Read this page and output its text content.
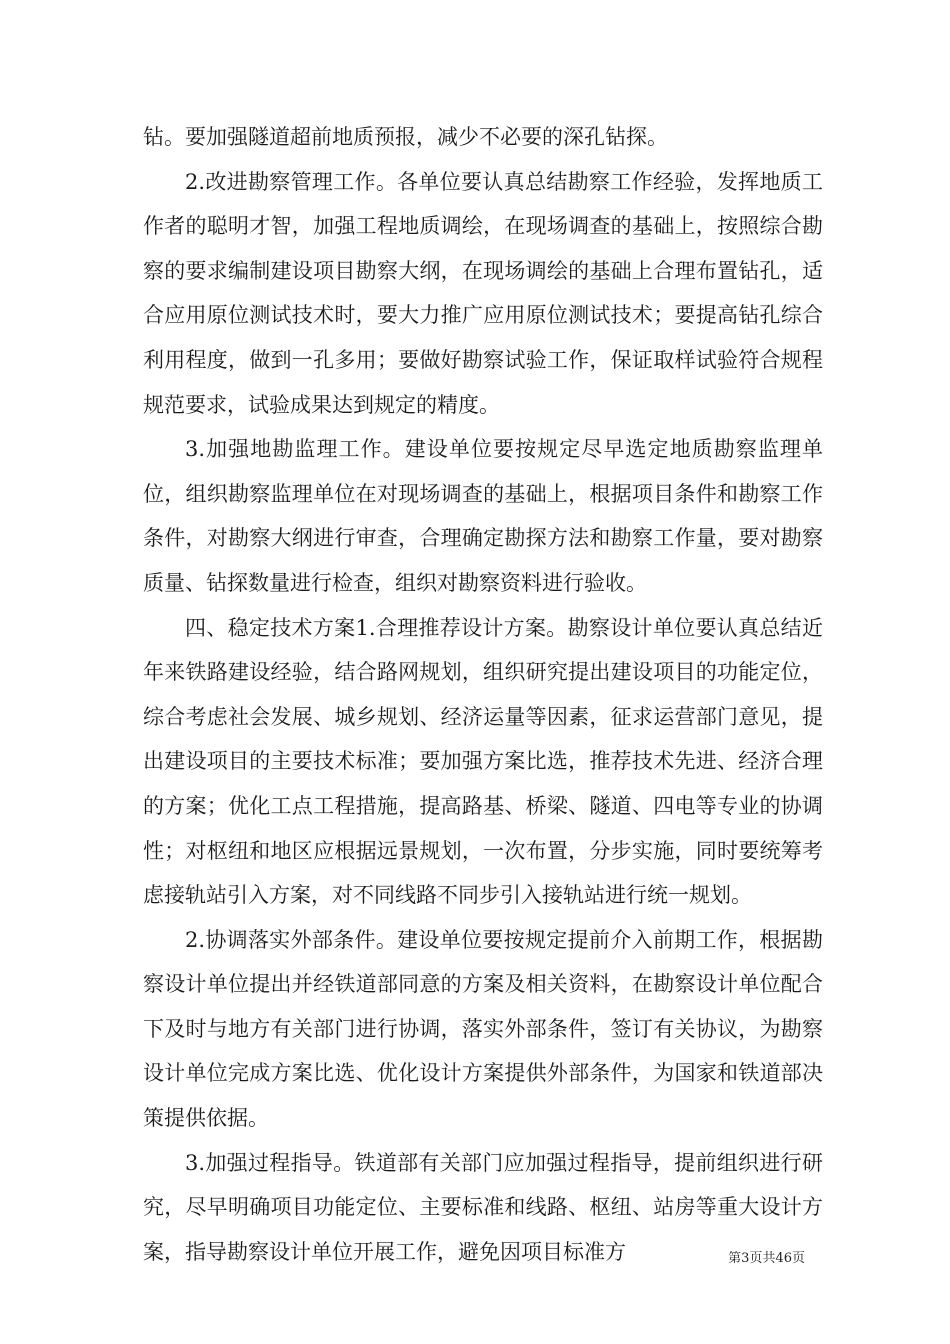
钻。要加强隧道超前地质预报，减少不必要的深孔钻探。

2.改进勘察管理工作。各单位要认真总结勘察工作经验，发挥地质工作者的聪明才智，加强工程地质调绘，在现场调查的基础上，按照综合勘察的要求编制建设项目勘察大纲，在现场调绘的基础上合理布置钻孔，适合应用原位测试技术时，要大力推广应用原位测试技术；要提高钻孔综合利用程度，做到一孔多用；要做好勘察试验工作，保证取样试验符合规程规范要求，试验成果达到规定的精度。

3.加强地勘监理工作。建设单位要按规定尽早选定地质勘察监理单位，组织勘察监理单位在对现场调查的基础上，根据项目条件和勘察工作条件，对勘察大纲进行审查，合理确定勘探方法和勘察工作量，要对勘察质量、钻探数量进行检查，组织对勘察资料进行验收。

四、稳定技术方案1.合理推荐设计方案。勘察设计单位要认真总结近年来铁路建设经验，结合路网规划，组织研究提出建设项目的功能定位，综合考虑社会发展、城乡规划、经济运量等因素，征求运营部门意见，提出建设项目的主要技术标准；要加强方案比选，推荐技术先进、经济合理的方案；优化工点工程措施，提高路基、桥梁、隧道、四电等专业的协调性；对枢纽和地区应根据远景规划，一次布置，分步实施，同时要统筹考虑接轨站引入方案，对不同线路不同步引入接轨站进行统一规划。

2.协调落实外部条件。建设单位要按规定提前介入前期工作，根据勘察设计单位提出并经铁道部同意的方案及相关资料，在勘察设计单位配合下及时与地方有关部门进行协调，落实外部条件，签订有关协议，为勘察设计单位完成方案比选、优化设计方案提供外部条件，为国家和铁道部决策提供依据。

3.加强过程指导。铁道部有关部门应加强过程指导，提前组织进行研究，尽早明确项目功能定位、主要标准和线路、枢纽、站房等重大设计方案，指导勘察设计单位开展工作，避免因项目标准方	第3页共46页
